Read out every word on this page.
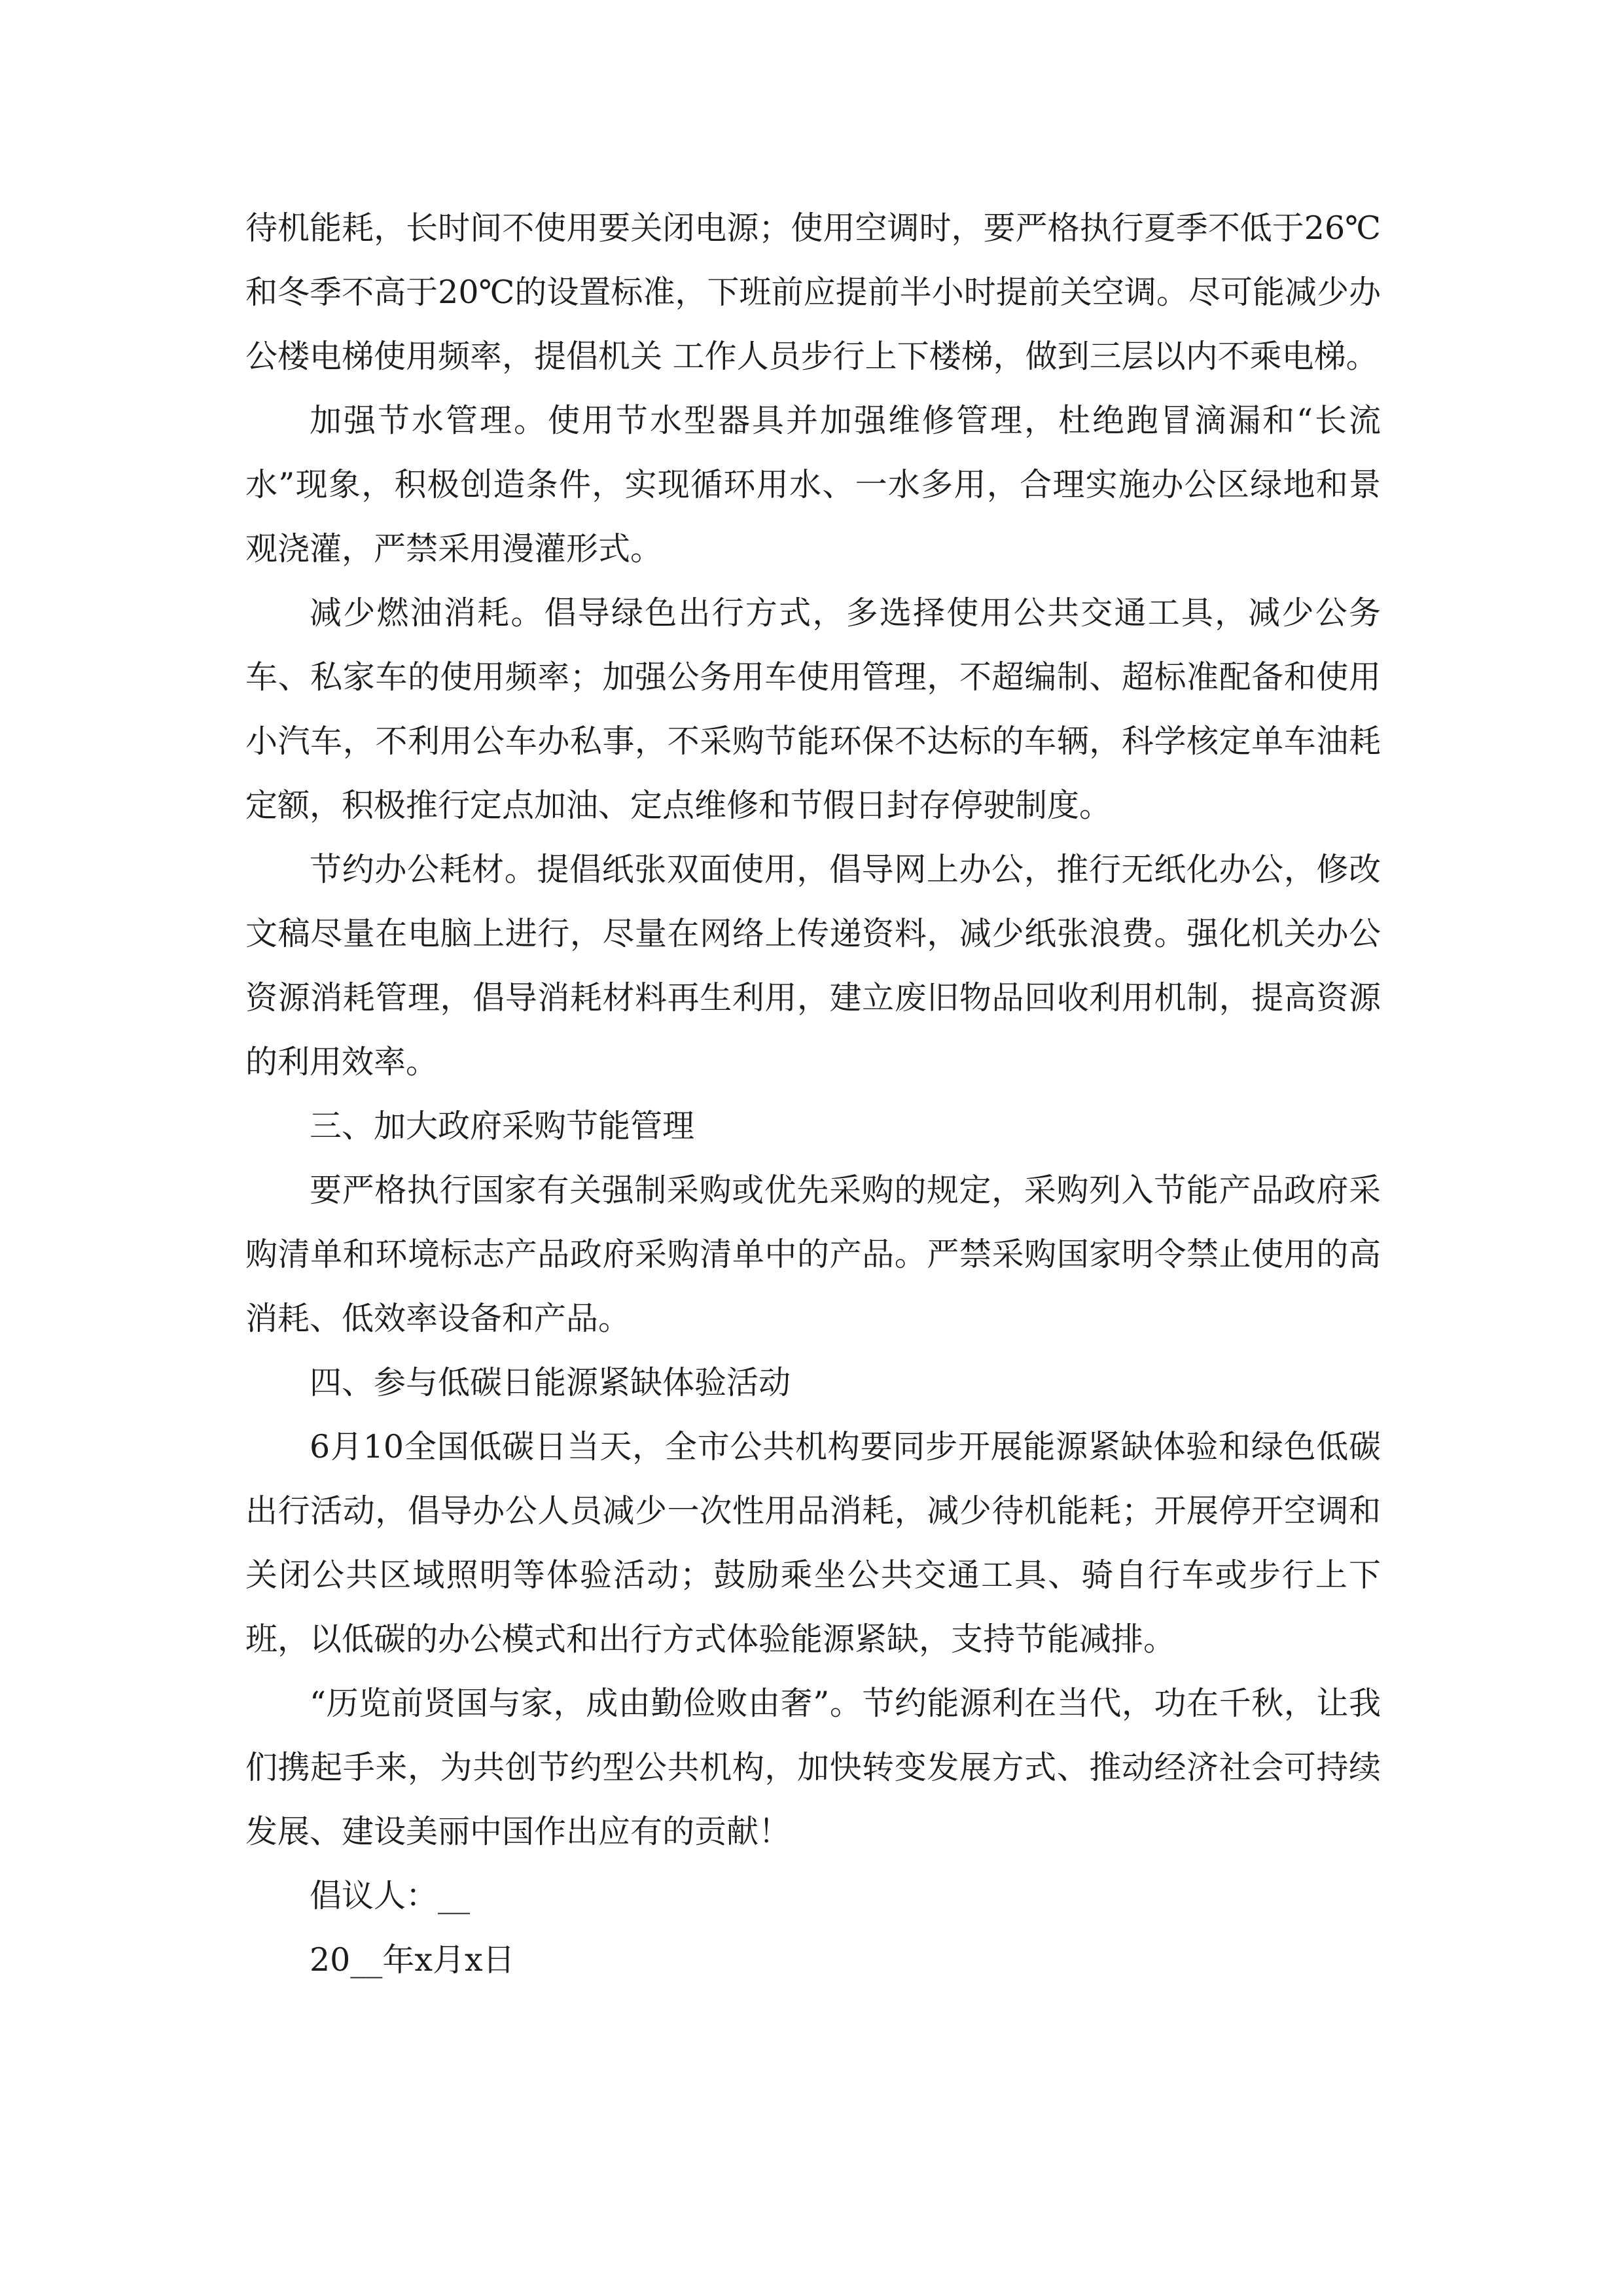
待机能耗，长时间不使用要关闭电源；使用空调时，要严格执行夏季不低于26℃和冬季不高于20℃的设置标准，下班前应提前半小时提前关空调。尽可能减少办公楼电梯使用频率，提倡机关 工作人员步行上下楼梯，做到三层以内不乘电梯。

加强节水管理。使用节水型器具并加强维修管理，杜绝跑冒滴漏和“长流水”现象，积极创造条件，实现循环用水、一水多用，合理实施办公区绿地和景观浇灌，严禁采用漫灌形式。

减少燃油消耗。倡导绿色出行方式，多选择使用公共交通工具，减少公务车、私家车的使用频率；加强公务用车使用管理，不超编制、超标准配备和使用小汽车，不利用公车办私事，不采购节能环保不达标的车辆，科学核定单车油耗定额，积极推行定点加油、定点维修和节假日封存停驶制度。

节约办公耗材。提倡纸张双面使用，倡导网上办公，推行无纸化办公，修改文稿尽量在电脑上进行，尽量在网络上传递资料，减少纸张浪费。强化机关办公资源消耗管理，倡导消耗材料再生利用，建立废旧物品回收利用机制，提高资源的利用效率。

三、加大政府采购节能管理

要严格执行国家有关强制采购或优先采购的规定，采购列入节能产品政府采购清单和环境标志产品政府采购清单中的产品。严禁采购国家明令禁止使用的高消耗、低效率设备和产品。

四、参与低碳日能源紧缺体验活动

6月10全国低碳日当天，全市公共机构要同步开展能源紧缺体验和绿色低碳出行活动，倡导办公人员减少一次性用品消耗，减少待机能耗；开展停开空调和关闭公共区域照明等体验活动；鼓励乘坐公共交通工具、骑自行车或步行上下班，以低碳的办公模式和出行方式体验能源紧缺，支持节能减排。

“历览前贤国与家，成由勤俭败由奢”。节约能源利在当代，功在千秋，让我们携起手来，为共创节约型公共机构，加快转变发展方式、推动经济社会可持续发展、建设美丽中国作出应有的贡献！

倡议人：__

20__年x月x日
